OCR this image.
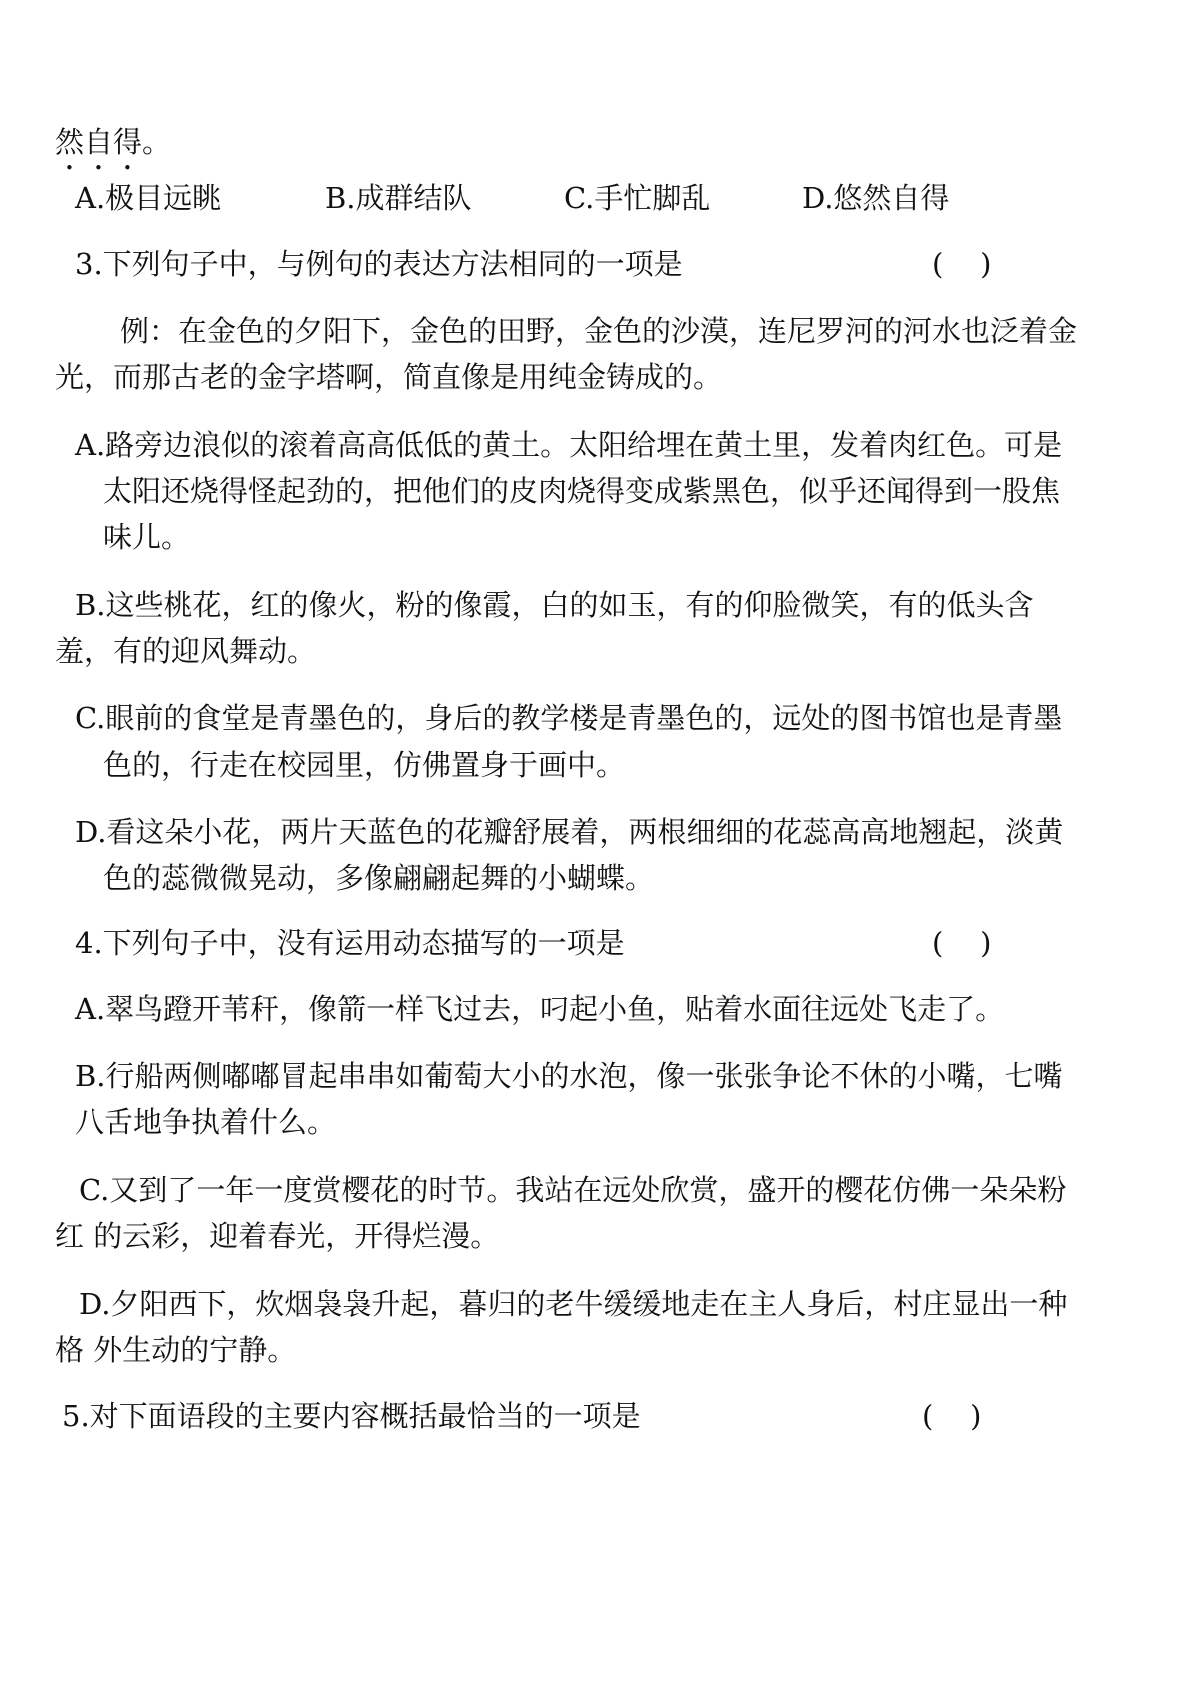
然自得。
A.极目远眺	B.成群结队	C.手忙脚乱	D.悠然自得
3.下列句子中，与例句的表达方法相同的一项是	(    )
例：在金色的夕阳下，金色的田野，金色的沙漠，连尼罗河的河水也泛着金
光，而那古老的金字塔啊，简直像是用纯金铸成的。
A.路旁边浪似的滚着高高低低的黄土。太阳给埋在黄土里，发着肉红色。可是
太阳还烧得怪起劲的，把他们的皮肉烧得变成紫黑色，似乎还闻得到一股焦
味儿。
B.这些桃花，红的像火，粉的像霞，白的如玉，有的仰脸微笑，有的低头含
羞，有的迎风舞动。
C.眼前的食堂是青墨色的，身后的教学楼是青墨色的，远处的图书馆也是青墨
色的，行走在校园里，仿佛置身于画中。
D.看这朵小花，两片天蓝色的花瓣舒展着，两根细细的花蕊高高地翘起，淡黄
色的蕊微微晃动，多像翩翩起舞的小蝴蝶。
4.下列句子中，没有运用动态描写的一项是	(    )
A.翠鸟蹬开苇秆，像箭一样飞过去，叼起小鱼，贴着水面往远处飞走了。
B.行船两侧嘟嘟冒起串串如葡萄大小的水泡，像一张张争论不休的小嘴，七嘴
八舌地争执着什么。
C.又到了一年一度赏樱花的时节。我站在远处欣赏，盛开的樱花仿佛一朵朵粉
红 的云彩，迎着春光，开得烂漫。
D.夕阳西下，炊烟袅袅升起，暮归的老牛缓缓地走在主人身后，村庄显出一种
格 外生动的宁静。
5.对下面语段的主要内容概括最恰当的一项是	(    )
